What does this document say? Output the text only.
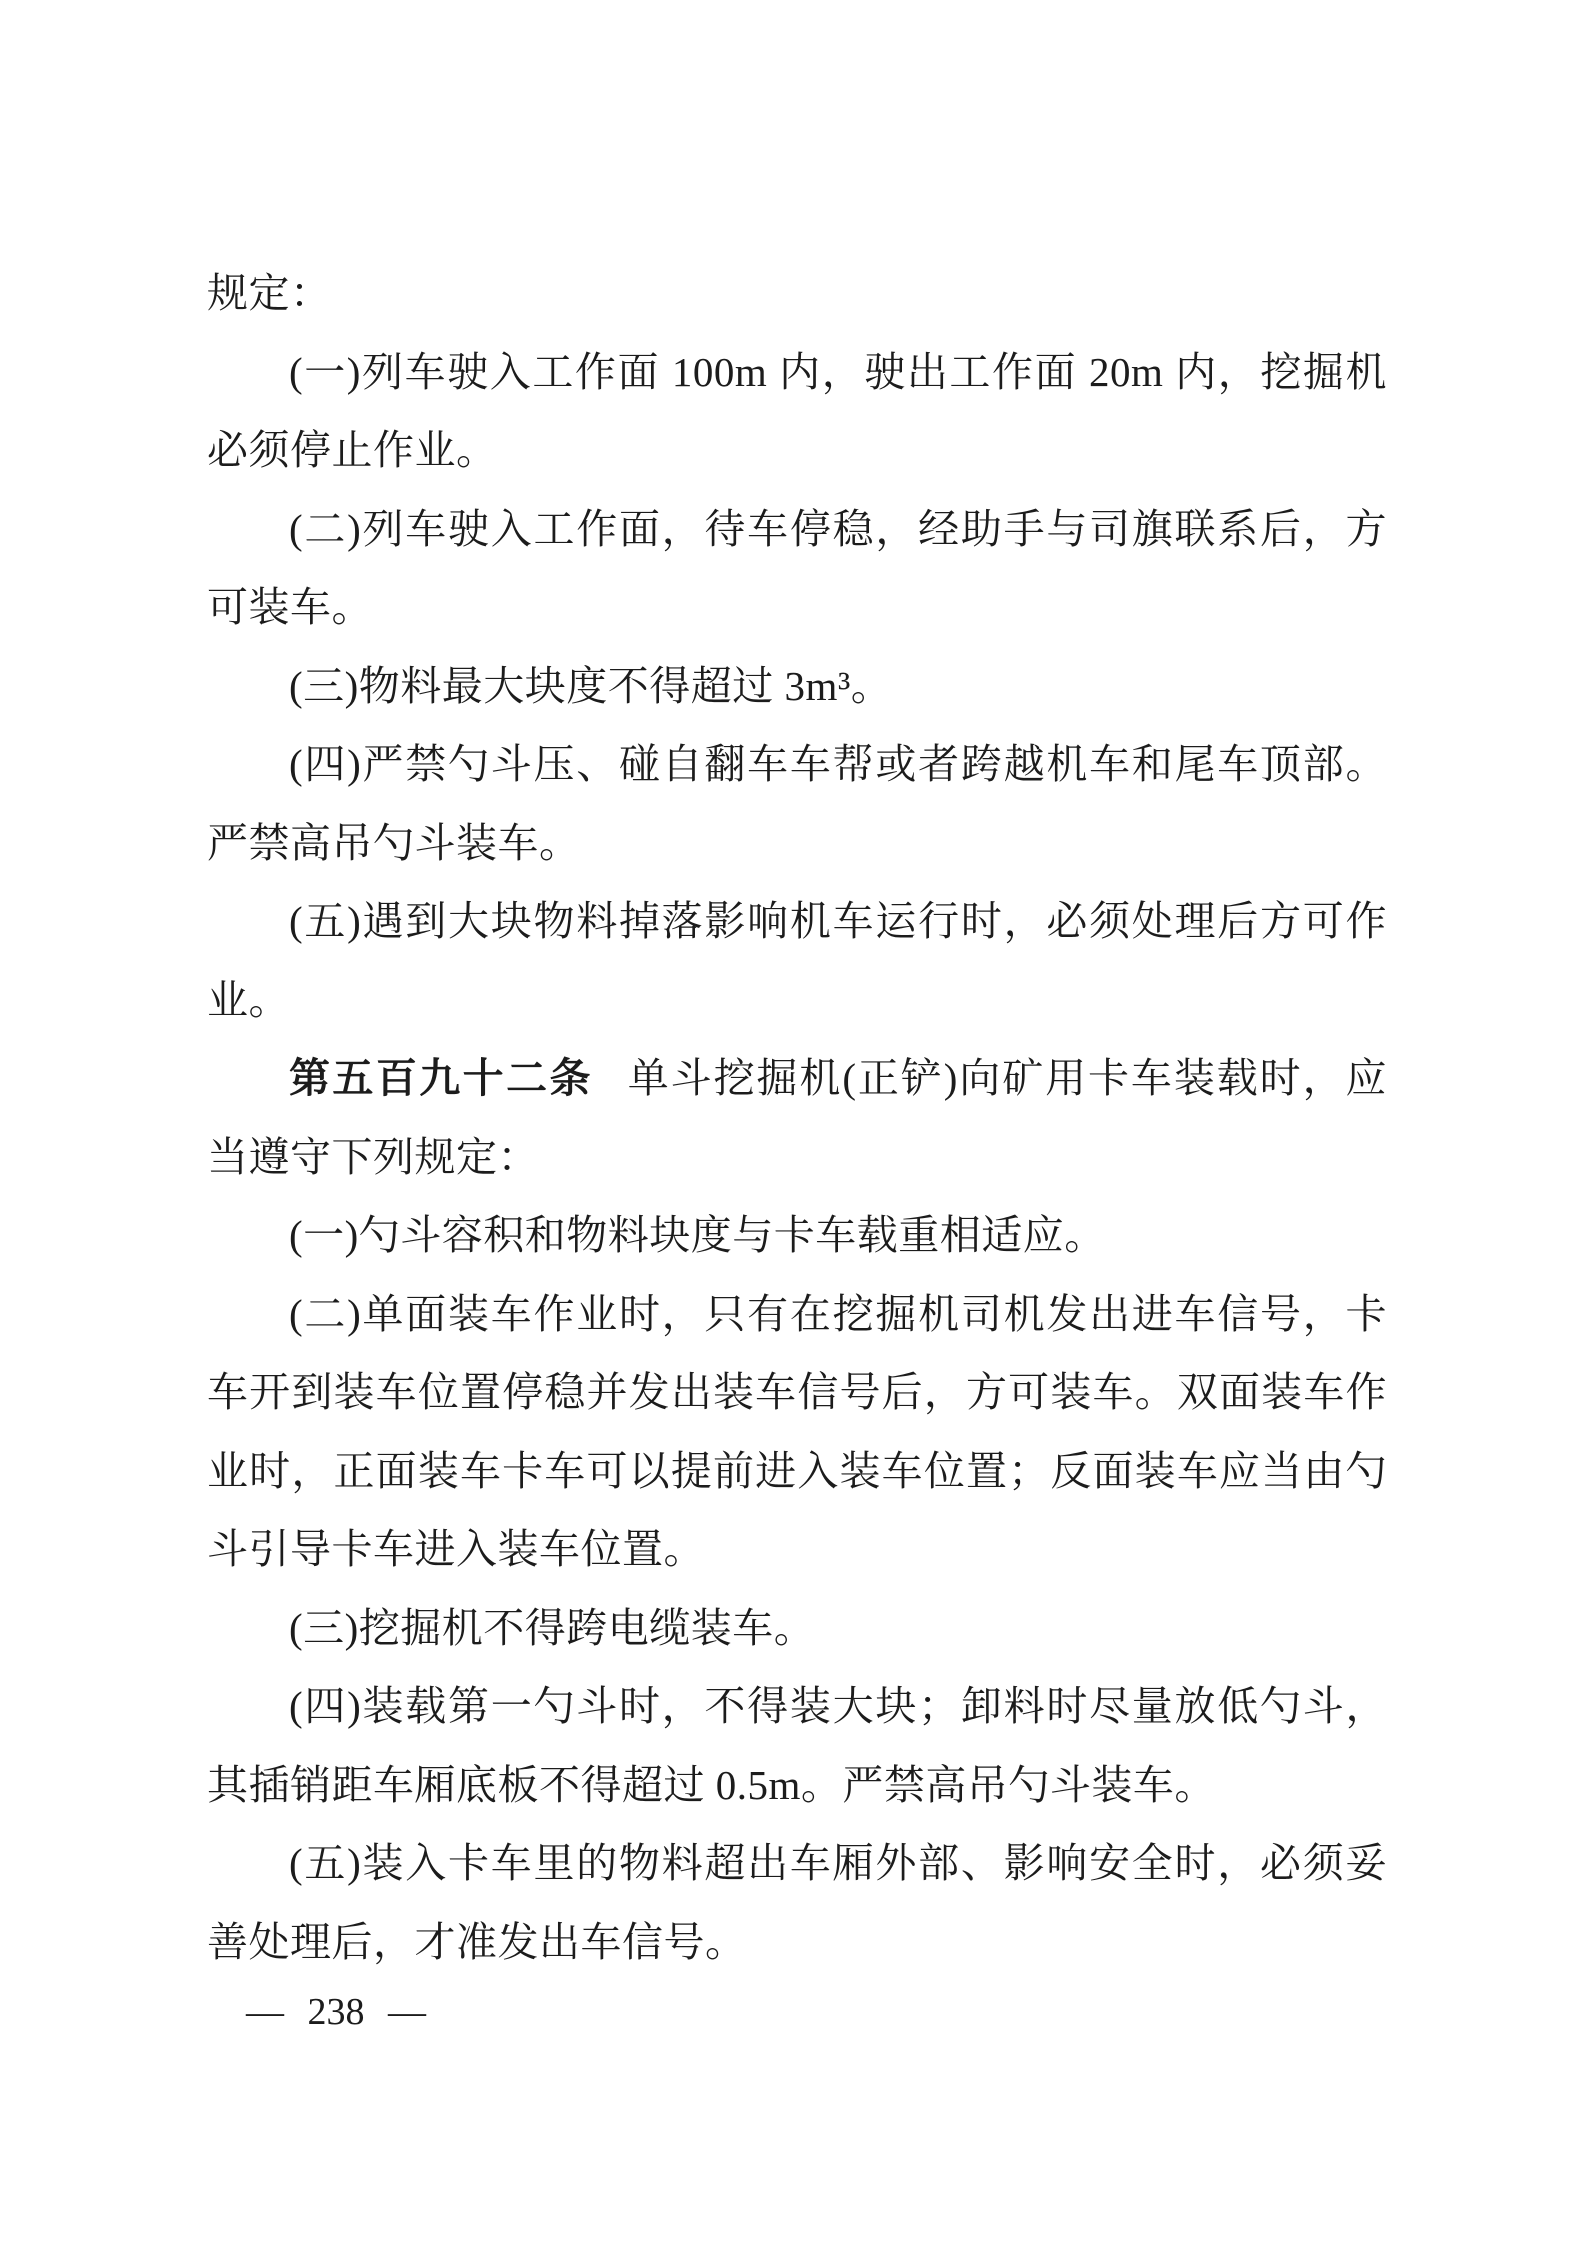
规定：

(一)列车驶入工作面 100m 内，驶出工作面 20m 内，挖掘机必须停止作业。

(二)列车驶入工作面，待车停稳，经助手与司旗联系后，方可装车。

(三)物料最大块度不得超过 3m³。

(四)严禁勺斗压、碰自翻车车帮或者跨越机车和尾车顶部。严禁高吊勺斗装车。

(五)遇到大块物料掉落影响机车运行时，必须处理后方可作业。

第五百九十二条 单斗挖掘机(正铲)向矿用卡车装载时，应当遵守下列规定：

(一)勺斗容积和物料块度与卡车载重相适应。

(二)单面装车作业时，只有在挖掘机司机发出进车信号，卡车开到装车位置停稳并发出装车信号后，方可装车。双面装车作业时，正面装车卡车可以提前进入装车位置；反面装车应当由勺斗引导卡车进入装车位置。

(三)挖掘机不得跨电缆装车。

(四)装载第一勺斗时，不得装大块；卸料时尽量放低勺斗，其插销距车厢底板不得超过 0.5m。严禁高吊勺斗装车。

(五)装入卡车里的物料超出车厢外部、影响安全时，必须妥善处理后，才准发出车信号。

— 238 —
